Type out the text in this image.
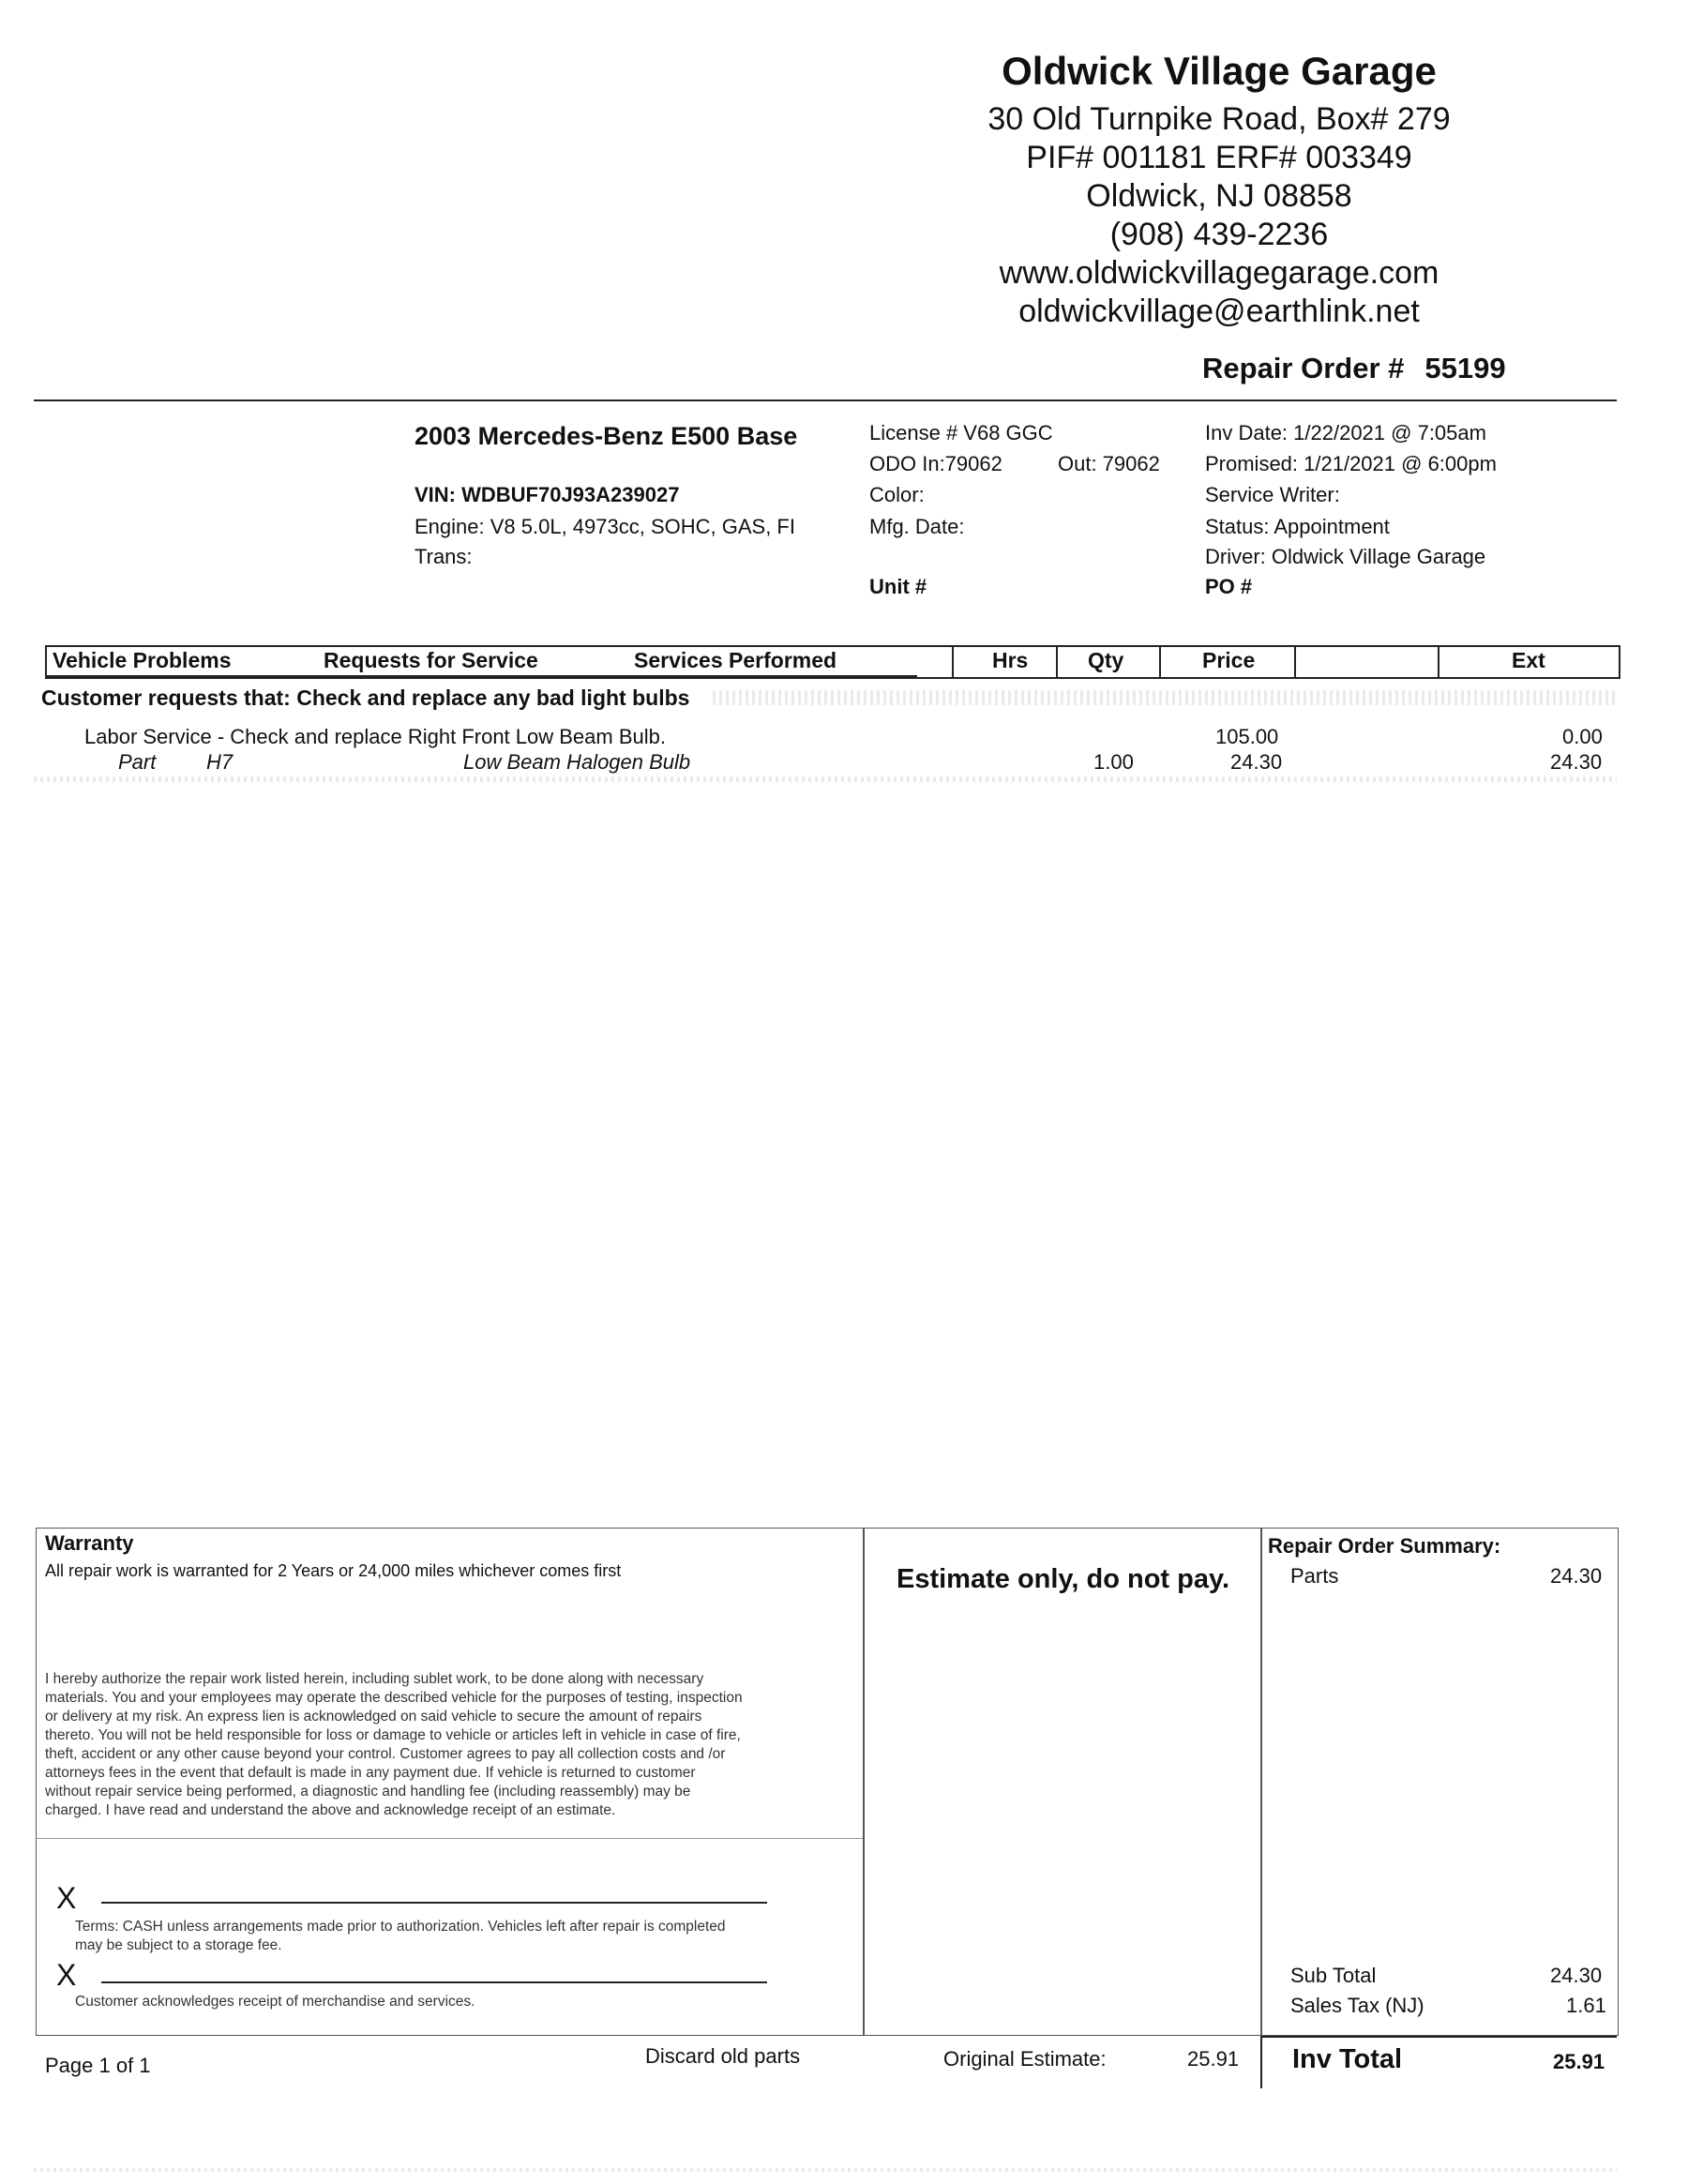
Oldwick Village Garage
30 Old Turnpike Road, Box# 279
PIF# 001181 ERF# 003349
Oldwick, NJ 08858
(908) 439-2236
www.oldwickvillagegarage.com
oldwickvillage@earthlink.net
Repair Order # 55199
2003 Mercedes-Benz E500 Base
VIN: WDBUF70J93A239027
Engine: V8 5.0L, 4973cc, SOHC, GAS, FI
Trans:
License # V68 GGC
ODO In:79062	Out: 79062
Color:
Mfg. Date:
Unit #
Inv Date: 1/22/2021 @ 7:05am
Promised: 1/21/2021 @ 6:00pm
Service Writer:
Status: Appointment
Driver: Oldwick Village Garage
PO #
Vehicle Problems	Requests for Service	Services Performed	Hrs	Qty	Price	Ext
Customer requests that: Check and replace any bad light bulbs
Labor Service - Check and replace Right Front Low Beam Bulb.	105.00	0.00
Part H7	Low Beam Halogen Bulb	1.00	24.30	24.30
Warranty
All repair work is warranted for 2 Years or 24,000 miles whichever comes first
I hereby authorize the repair work listed herein, including sublet work, to be done along with necessary
materials. You and your employees may operate the described vehicle for the purposes of testing, inspection
or delivery at my risk. An express lien is acknowledged on said vehicle to secure the amount of repairs
thereto. You will not be held responsible for loss or damage to vehicle or articles left in vehicle in case of fire,
theft, accident or any other cause beyond your control. Customer agrees to pay all collection costs and /or
attorneys fees in the event that default is made in any payment due. If vehicle is returned to customer
without repair service being performed, a diagnostic and handling fee (including reassembly) may be
charged. I have read and understand the above and acknowledge receipt of an estimate.
X
Terms: CASH unless arrangements made prior to authorization. Vehicles left after repair is completed
may be subject to a storage fee.
X
Customer acknowledges receipt of merchandise and services.
Estimate only, do not pay.
Repair Order Summary:
Parts	24.30
Sub Total	24.30
Sales Tax (NJ)	1.61
Inv Total	25.91
Page 1 of 1	Discard old parts	Original Estimate:	25.91
